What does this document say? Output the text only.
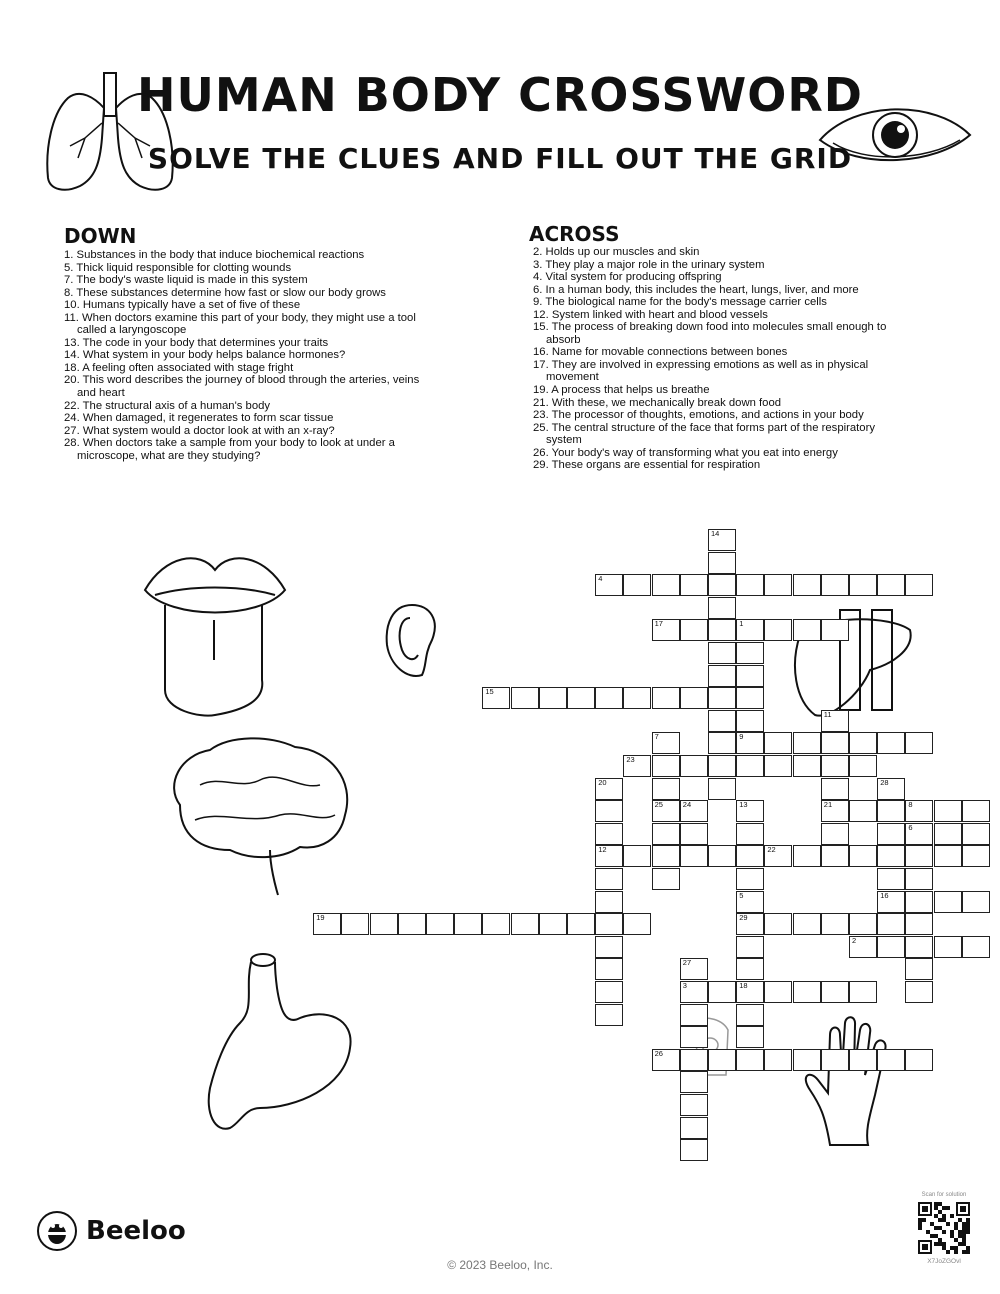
HUMAN BODY CROSSWORD
SOLVE THE CLUES AND FILL OUT THE GRID
DOWN
1. Substances in the body that induce biochemical reactions
5. Thick liquid responsible for clotting wounds
7. The body's waste liquid is made in this system
8. These substances determine how fast or slow our body grows
10. Humans typically have a set of five of these
11. When doctors examine this part of your body, they might use a tool called a laryngoscope
13. The code in your body that determines your traits
14. What system in your body helps balance hormones?
18. A feeling often associated with stage fright
20. This word describes the journey of blood through the arteries, veins and heart
22. The structural axis of a human's body
24. When damaged, it regenerates to form scar tissue
27. What system would a doctor look at with an x-ray?
28. When doctors take a sample from your body to look at under a microscope, what are they studying?
ACROSS
2. Holds up our muscles and skin
3. They play a major role in the urinary system
4. Vital system for producing offspring
6. In a human body, this includes the heart, lungs, liver, and more
9. The biological name for the body's message carrier cells
12. System linked with heart and blood vessels
15. The process of breaking down food into molecules small enough to absorb
16. Name for movable connections between bones
17. They are involved in expressing emotions as well as in physical movement
19. A process that helps us breathe
21. With these, we mechanically break down food
23. The processor of thoughts, emotions, and actions in your body
25. The central structure of the face that forms part of the respiratory system
26. Your body's way of transforming what you eat into energy
29. These organs are essential for respiration
4
17	1
15
9
23
21	8
6
12	22
16
19	29
2
3	18
26
14
11
7
25
20	28
24	13
5
27
Beeloo
Scan for solution
X7JoZGOvl
© 2023 Beeloo, Inc.
